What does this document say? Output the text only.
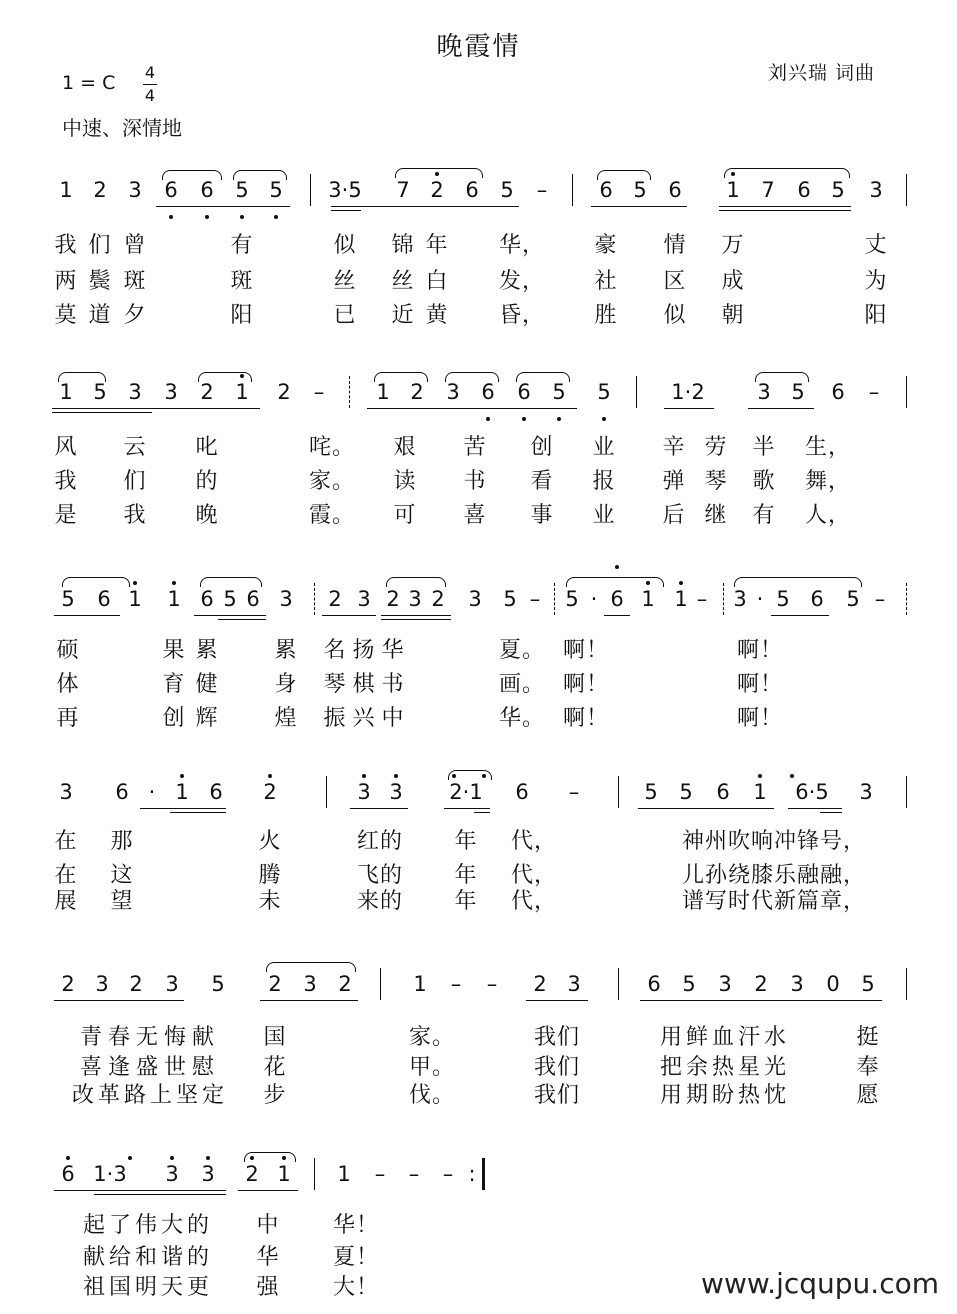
晚霞情
刘兴瑞 词曲
1 = C 4
4
中速、深情地
1 2 3 6 6 5 5 3·5 7 2 6 5 – 6 5 6 1 7 6 5 3
我 们 曾	有	似 锦 年 华， 豪 情 万	丈
两 鬓 斑	斑	丝 丝 白 发， 社 区 成	为
莫 道 夕	阳	已 近 黄 昏， 胜 似 朝	阳
1 5 3 3 2 1 2 – 1 2 3 6 6 5 5	1·2	3 5 6 –
风 云 叱	咤。 艰 苦 创 业 辛 劳 半 生，
我 们 的	家。 读 书 看 报 弹 琴 歌 舞，
是 我 晚	霞。 可 喜 事 业 后 继 有 人，
5 6 1 1 6 5 6 3 2 3 2 3 2 3 5 – 5 · 6 1 1 – 3 · 5 6 5 –
硕	果 累	累 名 扬 华	夏。 啊！	啊！
体	育 健	身 琴 棋 书	画。 啊！	啊！
再	创 辉	煌 振 兴 中	华。 啊！	啊！
3 6 · 1 6 2	3 3 2·1 6 –	5 5 6 1 6·5 3
在 那	火	红的 年 代，	神州吹响冲锋号，
在 这	腾	飞的 年 代，	儿孙绕膝乐融融，
展 望	未	来的 年 代，	谱写时代新篇章，
2 3 2 3 5 2 3 2	1 – – 2 3	6 5 3 2 3 0 5
青春无悔献 国	家。	我们	用鲜血汗水	挺
喜逢盛世慰 花	甲。	我们	把余热星光	奉
改革路上坚定 步	伐。	我们	用期盼热忱	愿
6 1·3 3 3 2 1 1 – – – :
起了伟大的 中 华！
献给和谐的 华 夏！
祖国明天更 强 大！	www.jcqupu.com
